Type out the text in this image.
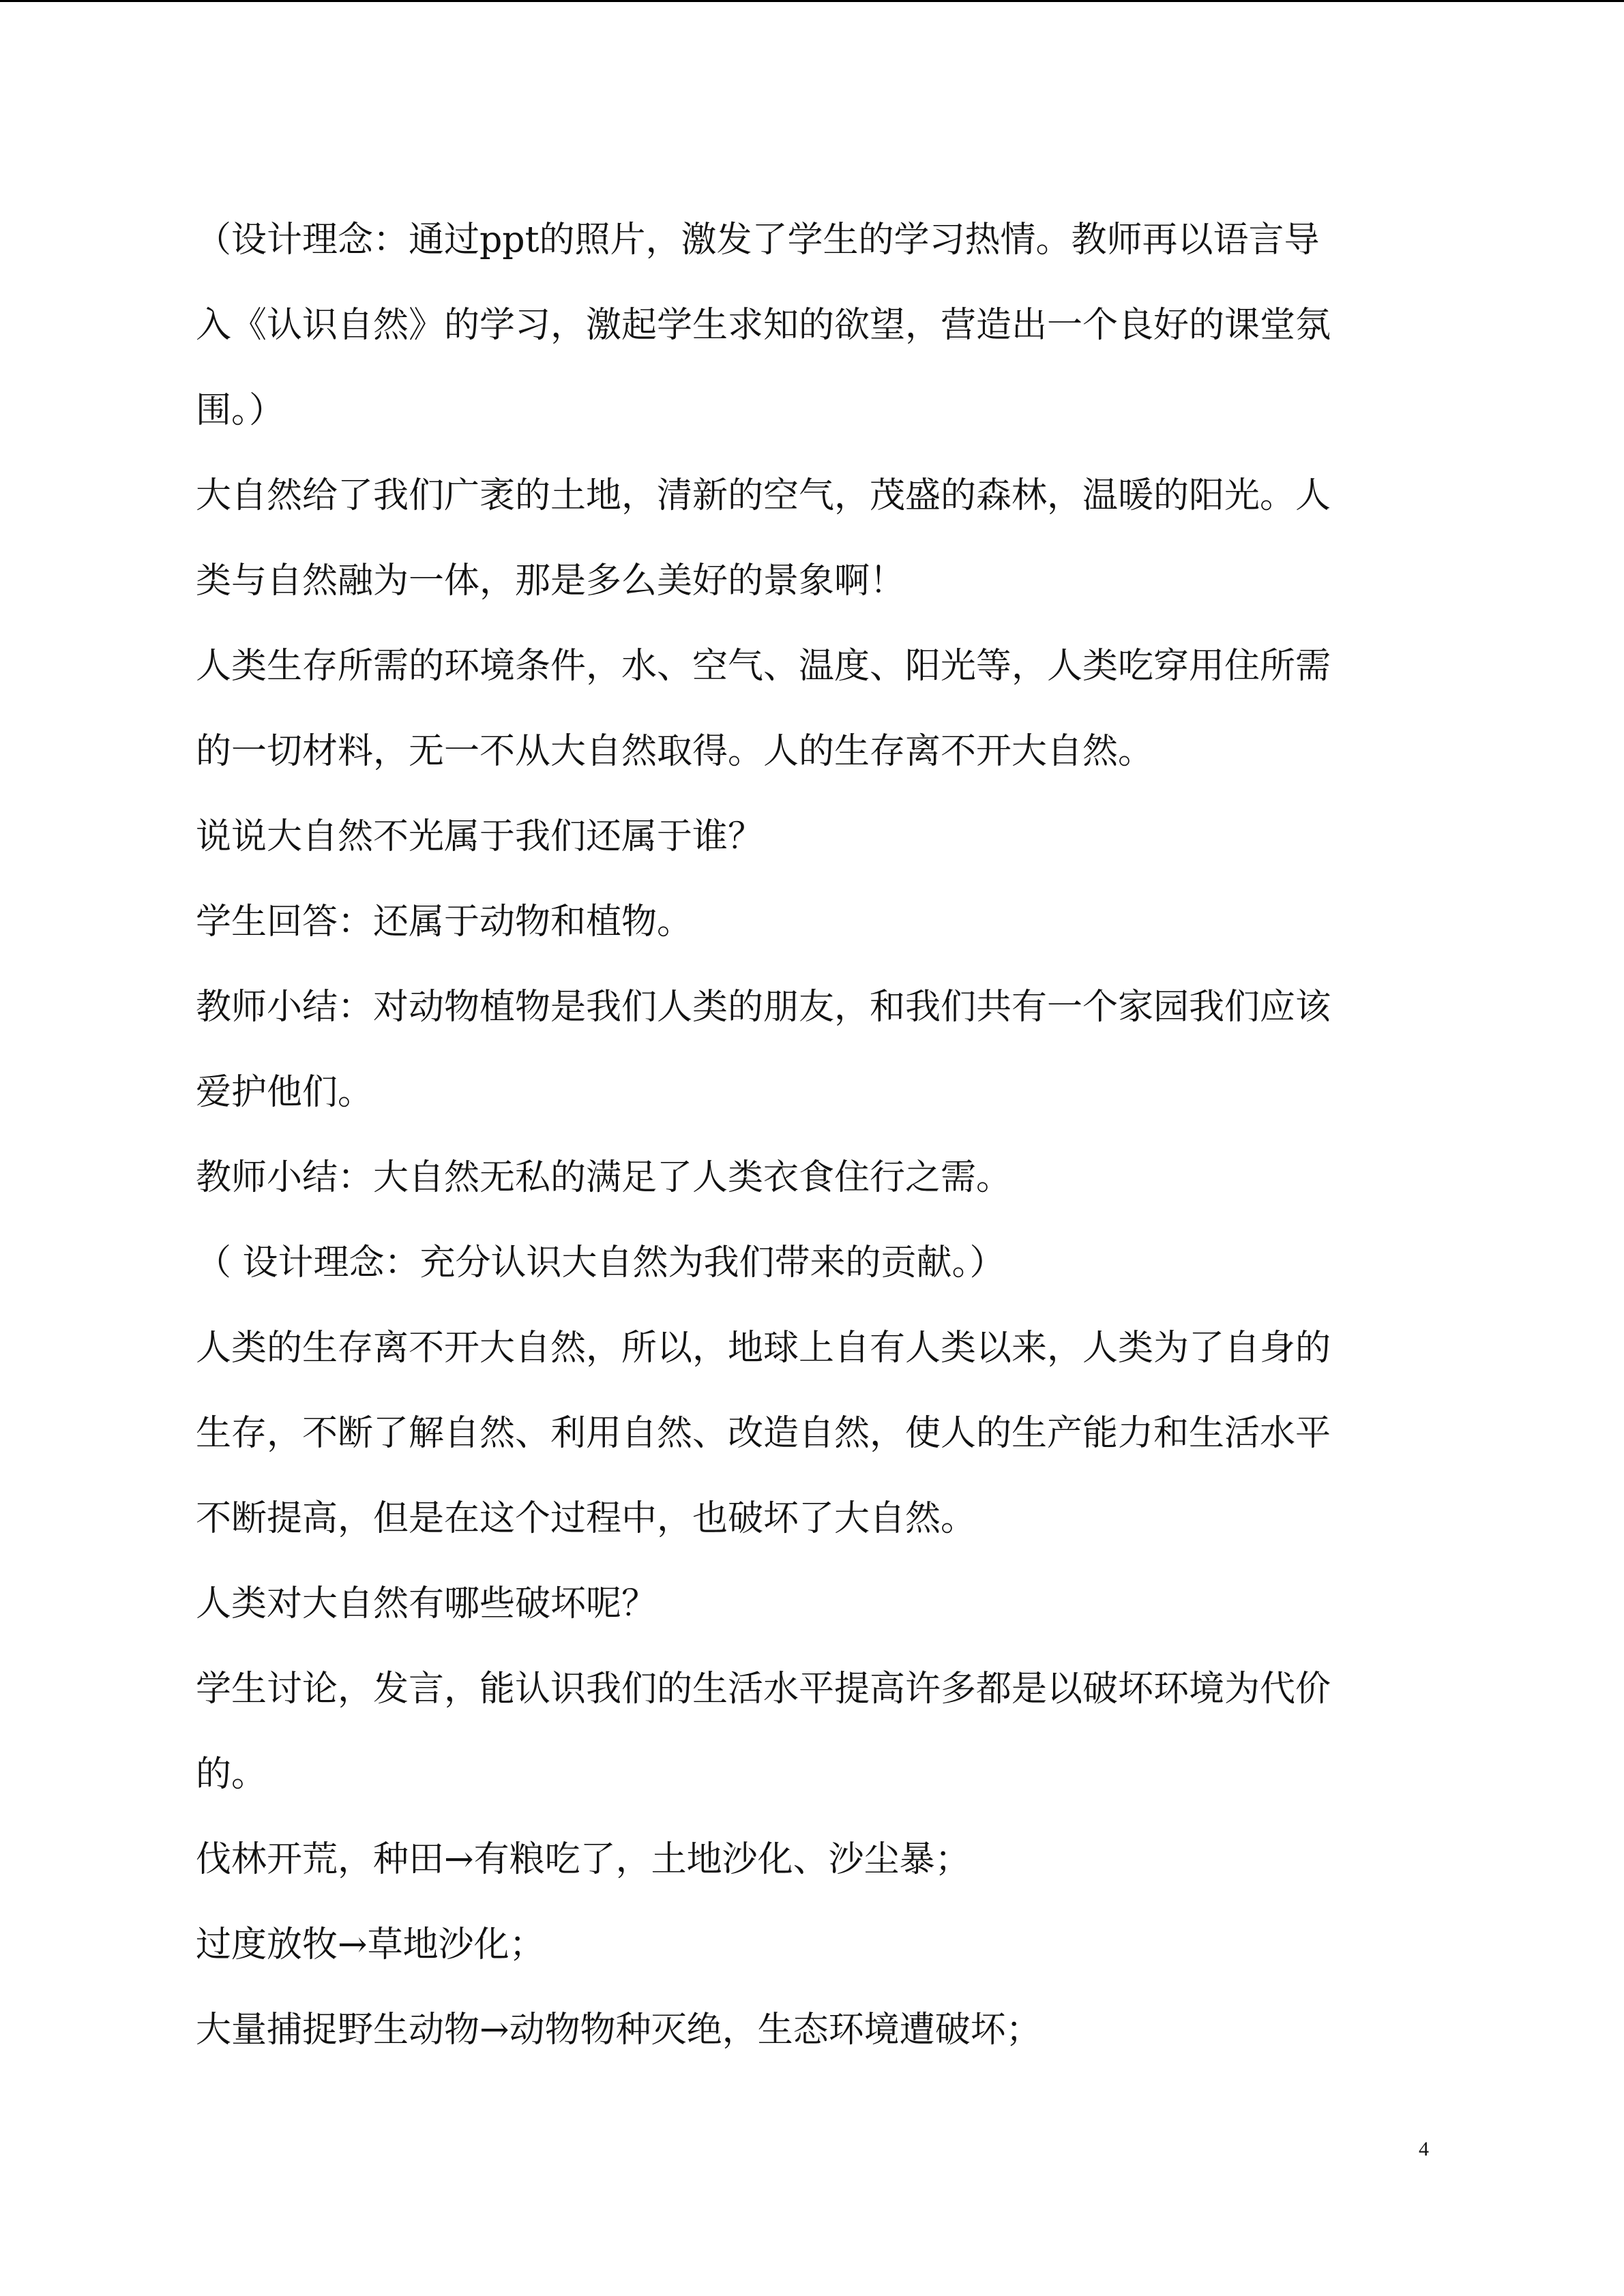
（设计理念：通过ppt的照片，激发了学生的学习热情。教师再以语言导
入《认识自然》的学习，激起学生求知的欲望，营造出一个良好的课堂氛
围。）
大自然给了我们广袤的土地，清新的空气，茂盛的森林，温暖的阳光。人
类与自然融为一体，那是多么美好的景象啊！
人类生存所需的环境条件，水、空气、温度、阳光等，人类吃穿用住所需
的一切材料，无一不从大自然取得。人的生存离不开大自然。
说说大自然不光属于我们还属于谁？
学生回答：还属于动物和植物。
教师小结：对动物植物是我们人类的朋友，和我们共有一个家园我们应该
爱护他们。
教师小结：大自然无私的满足了人类衣食住行之需。
（ 设计理念：充分认识大自然为我们带来的贡献。）
人类的生存离不开大自然，所以，地球上自有人类以来，人类为了自身的
生存，不断了解自然、利用自然、改造自然，使人的生产能力和生活水平
不断提高，但是在这个过程中，也破坏了大自然。
人类对大自然有哪些破坏呢？
学生讨论，发言，能认识我们的生活水平提高许多都是以破坏环境为代价
的。
伐林开荒，种田→有粮吃了，土地沙化、沙尘暴；
过度放牧→草地沙化；
大量捕捉野生动物→动物物种灭绝，生态环境遭破坏；
4
